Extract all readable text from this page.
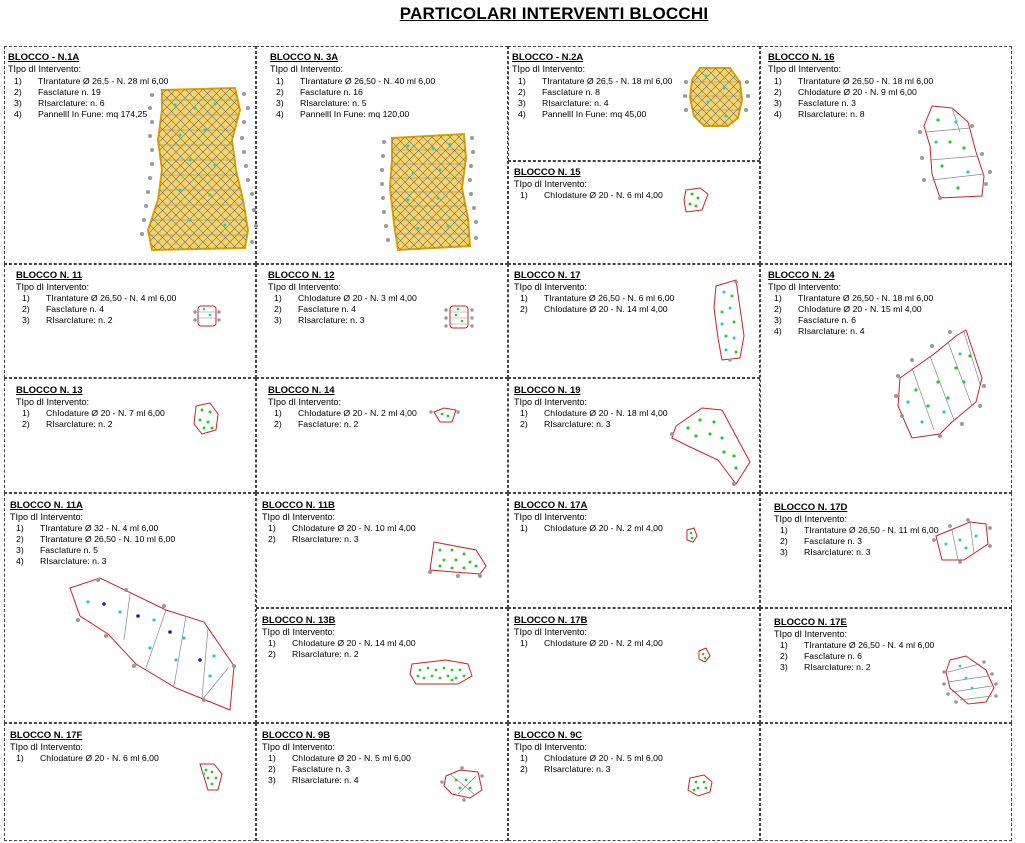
PARTICOLARI INTERVENTI BLOCCHI
BLOCCO - N.1A
TIpo dI Intervento:
1) TIrantature Ø 26,5 - N. 28 ml 6,00
2) FascIature n. 19
3) RIsarcIature: n. 6
4) PannellI In Fune: mq 174,25
BLOCCO N. 3A
TIpo dI Intervento:
1) TIrantature Ø 26,50 - N. 40 ml 6,00
2) FascIature n. 16
3) RIsarcIature: n. 5
4) PannellI In Fune: mq 120,00
BLOCCO - N.2A
TIpo dI Intervento:
1) TIrantature Ø 26,5 - N. 18 ml 6,00
2) FascIature n. 8
3) RIsarcIature: n. 4
4) PannellI In Fune: mq 45,00
BLOCCO N. 16
TIpo dI Intervento:
1) TIrantature Ø 26,50 - N. 18 ml 6,00
2) ChIodature Ø 20 - N. 9 ml 6,00
3) FascIature n. 3
4) RIsarcIature: n. 8
BLOCCO N. 15
TIpo dI Intervento:
1) ChIodature Ø 20 - N. 6 ml 4,00
BLOCCO N. 11
TIpo dI Intervento:
1) TIrantature Ø 26,50 - N. 4 ml 6,00
2) FascIature n. 4
3) RIsarcIature: n. 2
BLOCCO N. 12
TIpo dI Intervento:
1) ChIodature Ø 20 - N. 3 ml 4,00
2) FascIature n. 4
3) RIsarcIature: n. 3
BLOCCO N. 17
TIpo dI Intervento:
1) TIrantature Ø 26,50 - N. 6 ml 6,00
2) ChIodature Ø 20 - N. 14 ml 4,00
BLOCCO N. 24
TIpo dI Intervento:
1) TIrantature Ø 26,50 - N. 18 ml 6,00
2) ChIodature Ø 20 - N. 15 ml 4,00
3) FascIature n. 6
4) RIsarcIature: n. 4
BLOCCO N. 13
TIpo dI Intervento:
1) ChIodature Ø 20 - N. 7 ml 6,00
2) RIsarcIature: n. 2
BLOCCO N. 14
TIpo dI Intervento:
1) ChIodature Ø 20 - N. 2 ml 4,00
2) FascIature: n. 2
BLOCCO N. 19
TIpo dI Intervento:
1) ChIodature Ø 20 - N. 18 ml 4,00
2) RIsarcIature: n. 3
BLOCCO N. 11A
TIpo dI Intervento:
1) TIrantature Ø 32 - N. 4 ml 6,00
2) TIrantature Ø 26,50 - N. 10 ml 6,00
3) FascIature n. 5
4) RIsarcIature: n. 3
BLOCCO N. 11B
TIpo dI Intervento:
1) ChIodature Ø 20 - N. 10 ml 4,00
2) RIsarcIature: n. 3
BLOCCO N. 17A
TIpo dI Intervento:
1) ChIodature Ø 20 - N. 2 ml 4,00
BLOCCO N. 17D
TIpo dI Intervento:
1) TIrantature Ø 26,50 - N. 11 ml 6,00
2) FascIature n. 3
3) RIsarcIature: n. 3
BLOCCO N. 13B
TIpo dI Intervento:
1) ChIodature Ø 20 - N. 14 ml 4,00
2) RIsarcIature: n. 2
BLOCCO N. 17B
TIpo dI Intervento:
1) ChIodature Ø 20 - N. 2 ml 4,00
BLOCCO N. 17E
TIpo dI Intervento:
1) TIrantature Ø 26,50 - N. 4 ml 6,00
2) FascIature n. 6
3) RIsarcIature: n. 2
BLOCCO N. 17F
TIpo dI Intervento:
1) ChIodature Ø 20 - N. 6 ml 6,00
BLOCCO N. 9B
TIpo dI Intervento:
1) ChIodature Ø 20 - N. 5 ml 6,00
2) FascIature n. 3
3) RIsarcIature: n. 4
BLOCCO N. 9C
TIpo dI Intervento:
1) ChIodature Ø 20 - N. 5 ml 6,00
2) RIsarcIature: n. 3
